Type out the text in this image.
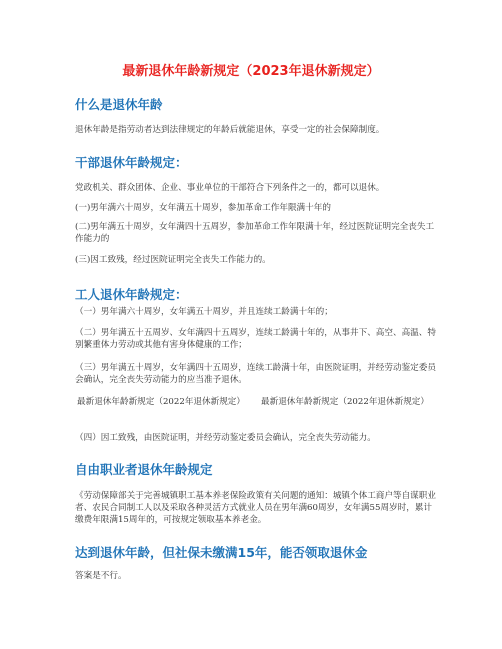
最新退休年龄新规定（2023年退休新规定）
什么是退休年龄

退休年龄是指劳动者达到法律规定的年龄后就能退休，享受一定的社会保障制度。

干部退休年龄规定：

党政机关、群众团体、企业、事业单位的干部符合下列条件之一的，都可以退休。

(一)男年满六十周岁，女年满五十周岁，参加革命工作年限满十年的

(二)男年满五十周岁，女年满四十五周岁，参加革命工作年限满十年，经过医院证明完全丧失工作能力的

(三)因工致残，经过医院证明完全丧失工作能力的。

工人退休年龄规定：

（一）男年满六十周岁，女年满五十周岁，并且连续工龄满十年的；

（二）男年满五十五周岁、女年满四十五周岁，连续工龄满十年的，从事井下、高空、高温、特别繁重体力劳动或其他有害身体健康的工作；

（三）男年满五十周岁，女年满四十五周岁，连续工龄满十年，由医院证明，并经劳动鉴定委员会确认，完全丧失劳动能力的应当准予退休。

最新退休年龄新规定（2022年退休新规定）	最新退休年龄新规定（2022年退休新规定）

（四）因工致残，由医院证明，并经劳动鉴定委员会确认，完全丧失劳动能力。

自由职业者退休年龄规定

《劳动保障部关于完善城镇职工基本养老保险政策有关问题的通知：城镇个体工商户等自谋职业者、农民合同制工人以及采取各种灵活方式就业人员在男年满60周岁，女年满55周岁时，累计缴费年限满15周年的，可按规定领取基本养老金。

达到退休年龄，但社保未缴满15年，能否领取退休金

答案是不行。
